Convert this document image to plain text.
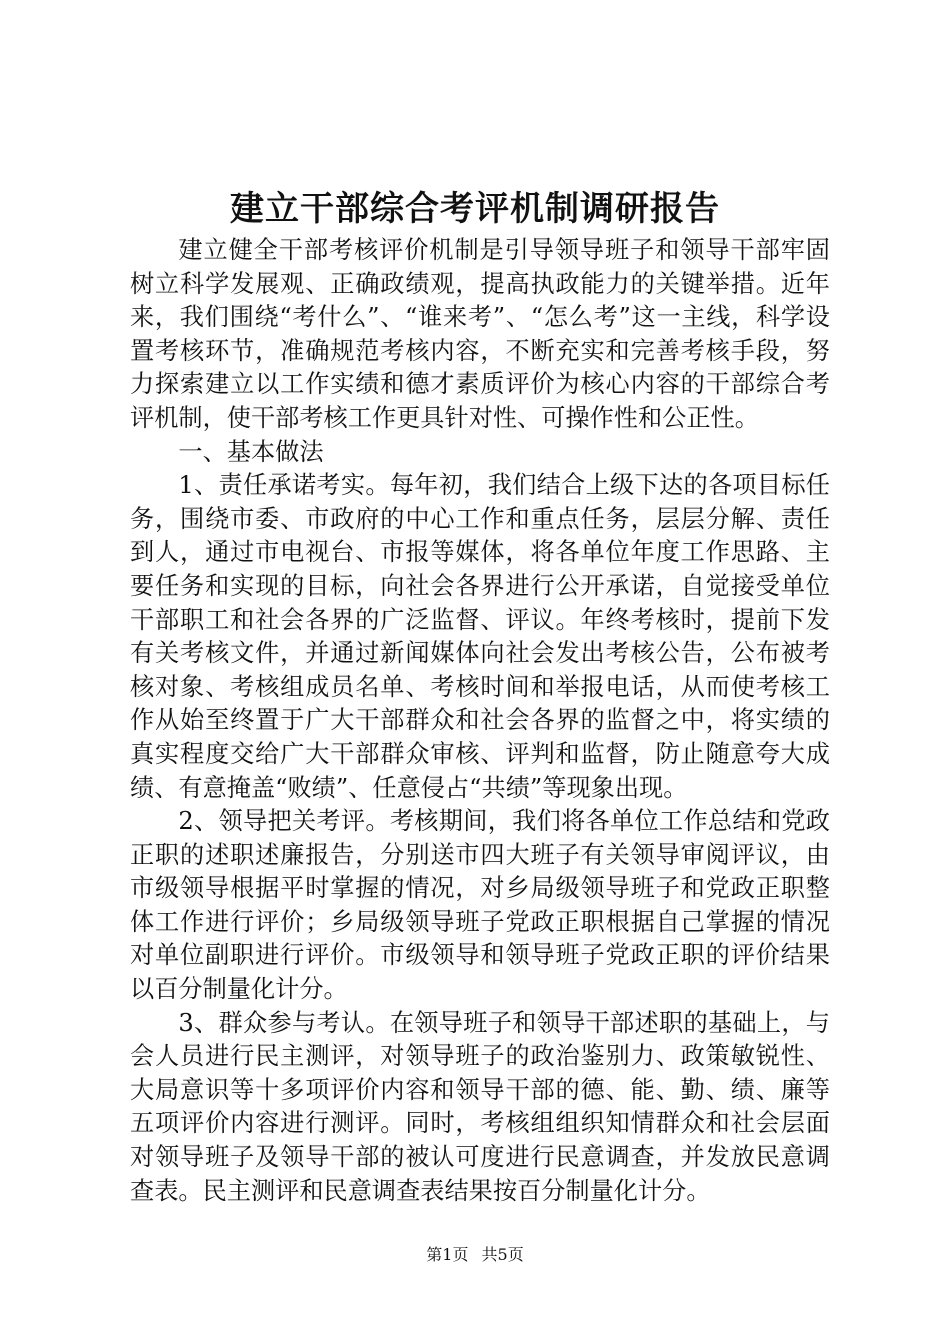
建立干部综合考评机制调研报告

建立健全干部考核评价机制是引导领导班子和领导干部牢固树立科学发展观、正确政绩观，提高执政能力的关键举措。近年来，我们围绕“考什么”、“谁来考”、“怎么考”这一主线，科学设置考核环节，准确规范考核内容，不断充实和完善考核手段，努力探索建立以工作实绩和德才素质评价为核心内容的干部综合考评机制，使干部考核工作更具针对性、可操作性和公正性。

一、基本做法

1、责任承诺考实。每年初，我们结合上级下达的各项目标任务，围绕市委、市政府的中心工作和重点任务，层层分解、责任到人，通过市电视台、市报等媒体，将各单位年度工作思路、主要任务和实现的目标，向社会各界进行公开承诺，自觉接受单位干部职工和社会各界的广泛监督、评议。年终考核时，提前下发有关考核文件，并通过新闻媒体向社会发出考核公告，公布被考核对象、考核组成员名单、考核时间和举报电话，从而使考核工作从始至终置于广大干部群众和社会各界的监督之中，将实绩的真实程度交给广大干部群众审核、评判和监督，防止随意夸大成绩、有意掩盖“败绩”、任意侵占“共绩”等现象出现。

2、领导把关考评。考核期间，我们将各单位工作总结和党政正职的述职述廉报告，分别送市四大班子有关领导审阅评议，由市级领导根据平时掌握的情况，对乡局级领导班子和党政正职整体工作进行评价；乡局级领导班子党政正职根据自己掌握的情况对单位副职进行评价。市级领导和领导班子党政正职的评价结果以百分制量化计分。

3、群众参与考认。在领导班子和领导干部述职的基础上，与会人员进行民主测评，对领导班子的政治鉴别力、政策敏锐性、大局意识等十多项评价内容和领导干部的德、能、勤、绩、廉等五项评价内容进行测评。同时，考核组组织知情群众和社会层面对领导班子及领导干部的被认可度进行民意调查，并发放民意调查表。民主测评和民意调查表结果按百分制量化计分。

第1页 共5页
